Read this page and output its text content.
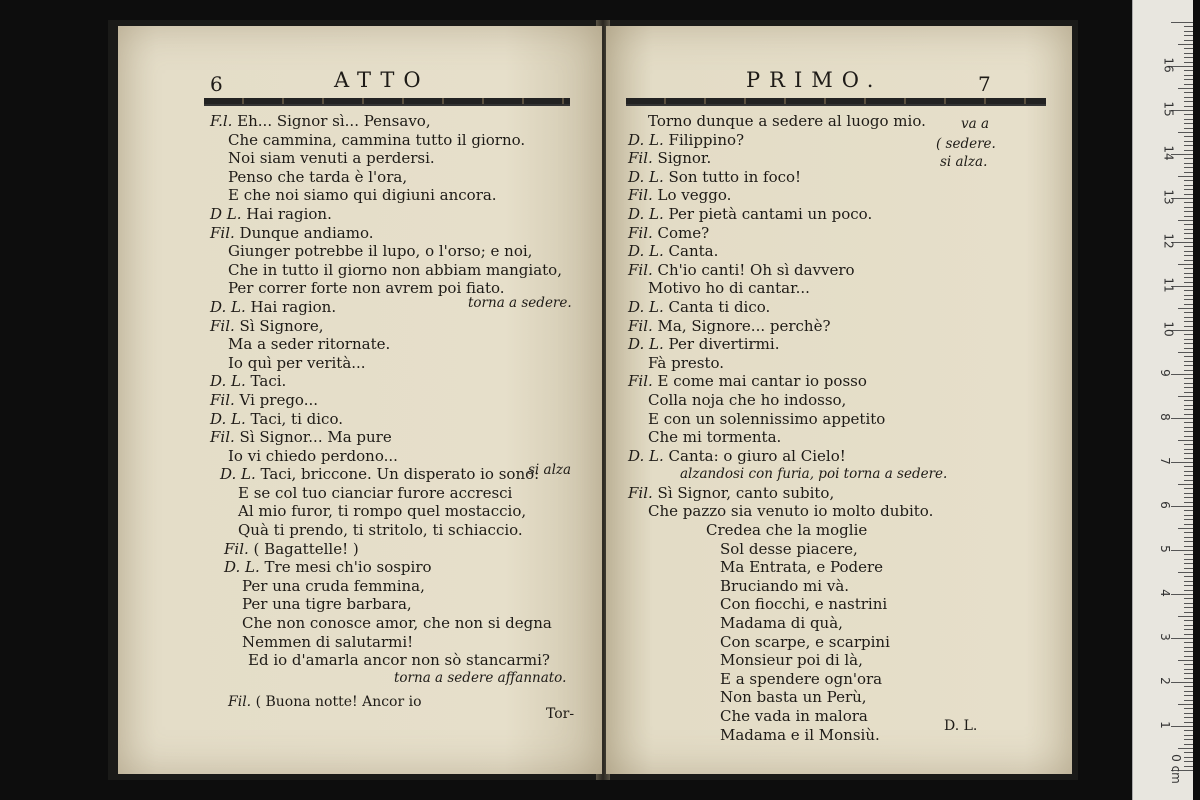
6	ATTO
F.l. Eh... Signor sì... Pensavo,
Che cammina, cammina tutto il giorno.
Noi siam venuti a perdersi.
Penso che tarda è l'ora,
E che noi siamo qui digiuni ancora.
D L. Hai ragion.
Fil. Dunque andiamo.
Giunger potrebbe il lupo, o l'orso; e noi,
Che in tutto il giorno non abbiam mangiato,
Per correr forte non avrem poi fiato.
D. L. Hai ragion.
Fil. Sì Signore,
Ma a seder ritornate.
Io quì per verità...
D. L. Taci.
Fil. Vi prego...
D. L. Taci, ti dico.
Fil. Sì Signor... Ma pure
Io vi chiedo perdono...
D. L. Taci, briccone. Un disperato io sono:
E se col tuo cianciar furore accresci
Al mio furor, ti rompo quel mostaccio,
Quà ti prendo, ti stritolo, ti schiaccio.
Fil. ( Bagattelle! )
D. L. Tre mesi ch'io sospiro
Per una cruda femmina,
Per una tigre barbara,
Che non conosce amor, che non si degna
Nemmen di salutarmi!
Ed io d'amarla ancor non sò stancarmi?
torna a sedere.
si alza
torna a sedere affannato.
Fil. ( Buona notte! Ancor io
Tor-
PRIMO.	7
Torno dunque a sedere al luogo mio.
D. L. Filippino?
Fil. Signor.
D. L. Son tutto in foco!
Fil. Lo veggo.
D. L. Per pietà cantami un poco.
Fil. Come?
D. L. Canta.
Fil. Ch'io canti! Oh sì davvero
Motivo ho di cantar...
D. L. Canta ti dico.
Fil. Ma, Signore... perchè?
D. L. Per divertirmi.
Fà presto.
Fil. E come mai cantar io posso
Colla noja che ho indosso,
E con un solennissimo appetito
Che mi tormenta.
D. L. Canta: o giuro al Cielo!
Fil. Sì Signor, canto subito,
Che pazzo sia venuto io molto dubito.
Credea che la moglie
Sol desse piacere,
Ma Entrata, e Podere
Bruciando mi và.
Con fiocchi, e nastrini
Madama di quà,
Con scarpe, e scarpini
Monsieur poi di là,
E a spendere ogn'ora
Non basta un Perù,
Che vada in malora
Madama e il Monsiù.
va a
( sedere.
si alza.
alzandosi con furia, poi torna a sedere.
D. L.
0 cm
1
2
3
4
5
6
7
8
9
10
11
12
13
14
15
16
